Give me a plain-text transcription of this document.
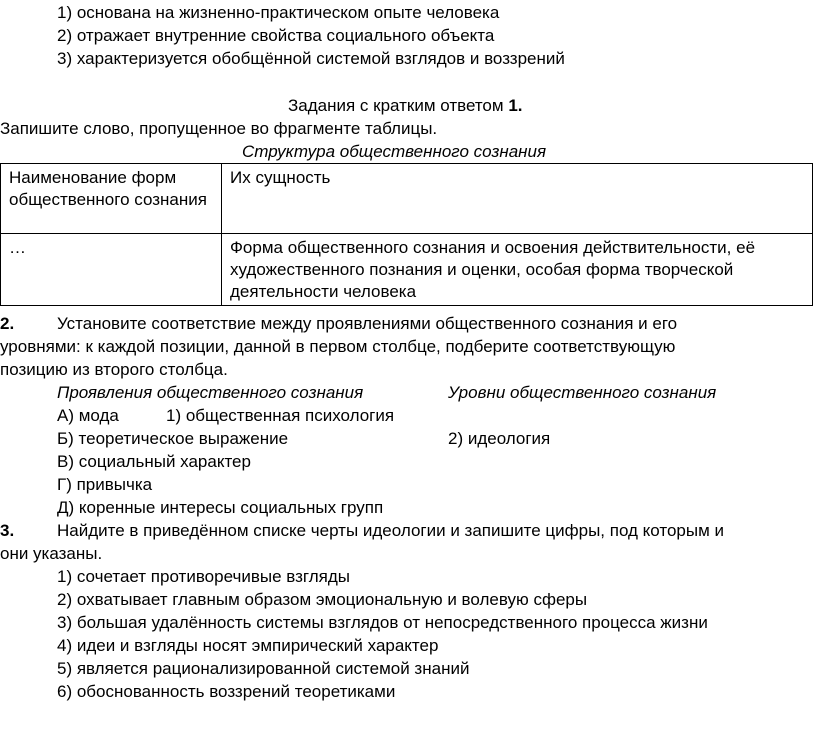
1) основана на жизненно-практическом опыте человека
2) отражает внутренние свойства социального объекта
3) характеризуется обобщённой системой взглядов и воззрений
Задания с кратким ответом 1.
Запишите слово, пропущенное во фрагменте таблицы.
Структура общественного сознания
Наименование форм общественного сознания	Их сущность
…	Форма общественного сознания и освоения действительности, её художественного познания и оценки, особая форма творческой деятельности человека
2.	Установите соответствие между проявлениями общественного сознания и его
уровнями: к каждой позиции, данной в первом столбце, подберите соответствующую
позицию из второго столбца.
Проявления общественного сознания	Уровни общественного сознания
А) мода	1) общественная психология
Б) теоретическое выражение	2) идеология
В) социальный характер
Г) привычка
Д) коренные интересы социальных групп
3.	Найдите в приведённом списке черты идеологии и запишите цифры, под которым и
они указаны.
1) сочетает противоречивые взгляды
2) охватывает главным образом эмоциональную и волевую сферы
3) большая удалённость системы взглядов от непосредственного процесса жизни
4) идеи и взгляды носят эмпирический характер
5) является рационализированной системой знаний
6) обоснованность воззрений теоретиками
